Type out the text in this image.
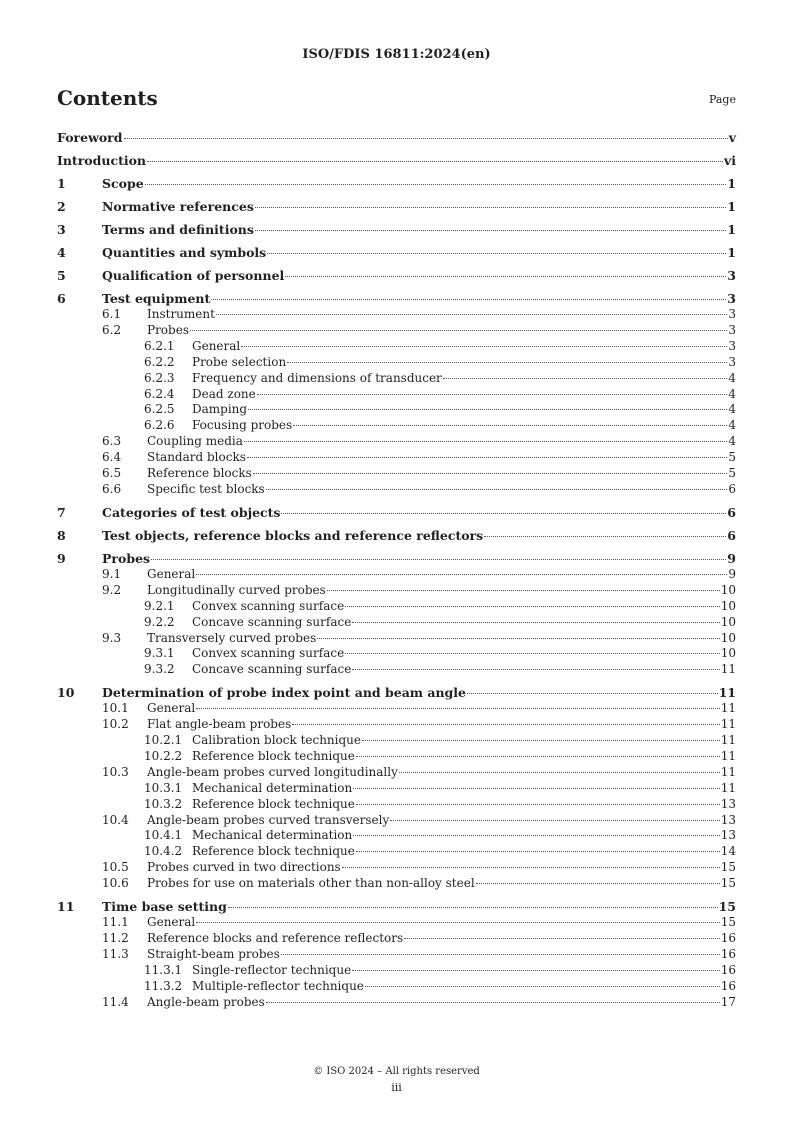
ISO/FDIS 16811:2024(en)
Contents	Page
Foreword	v
Introduction	vi
1	Scope	1
2	Normative references	1
3	Terms and definitions	1
4	Quantities and symbols	1
5	Qualification of personnel	3
6	Test equipment	3
6.1	Instrument	3
6.2	Probes	3
6.2.1	General	3
6.2.2	Probe selection	3
6.2.3	Frequency and dimensions of transducer	4
6.2.4	Dead zone	4
6.2.5	Damping	4
6.2.6	Focusing probes	4
6.3	Coupling media	4
6.4	Standard blocks	5
6.5	Reference blocks	5
6.6	Specific test blocks	6
7	Categories of test objects	6
8	Test objects, reference blocks and reference reflectors	6
9	Probes	9
9.1	General	9
9.2	Longitudinally curved probes	10
9.2.1	Convex scanning surface	10
9.2.2	Concave scanning surface	10
9.3	Transversely curved probes	10
9.3.1	Convex scanning surface	10
9.3.2	Concave scanning surface	11
10	Determination of probe index point and beam angle	11
10.1	General	11
10.2	Flat angle-beam probes	11
10.2.1 Calibration block technique	11
10.2.2 Reference block technique	11
10.3	Angle-beam probes curved longitudinally	11
10.3.1 Mechanical determination	11
10.3.2 Reference block technique	13
10.4	Angle-beam probes curved transversely	13
10.4.1 Mechanical determination	13
10.4.2 Reference block technique	14
10.5	Probes curved in two directions	15
10.6	Probes for use on materials other than non-alloy steel	15
11	Time base setting	15
11.1	General	15
11.2	Reference blocks and reference reflectors	16
11.3	Straight-beam probes	16
11.3.1 Single-reflector technique	16
11.3.2 Multiple-reflector technique	16
11.4	Angle-beam probes	17
© ISO 2024 – All rights reserved
iii
